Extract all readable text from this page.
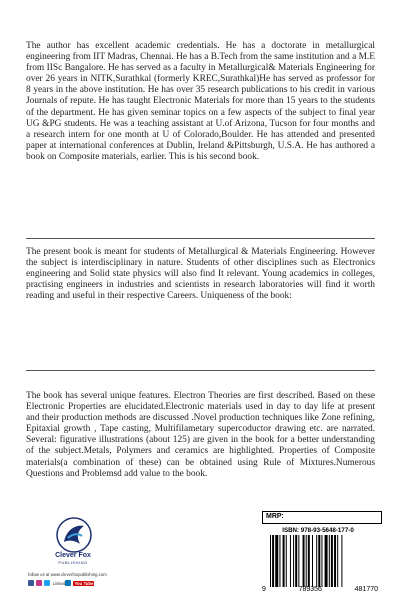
The author has excellent academic credentials. He has a doctorate in metallurgical engineering from IIT Madras, Chennai. He has a B.Tech from the same institution and a M.E from IISc Bangalore. He has served as a faculty in Metallurgical& Materials Engineering for over 26 years in NITK,Surathkal (formerly KREC,Surathkal)He has served as professor for 8 years in the above institution. He has over 35 research publications to his credit in various Journals of repute. He has taught Electronic Materials for more than 15 years to the students of the department. He has given seminar topics on a few aspects of the subject to final year UG &PG students. He was a teaching assistant at U.of Arizona, Tucson for four months and a research intern for one month at U of Colorado,Boulder. He has attended and presented paper at international conferences at Dublin, Ireland &Pittsburgh, U.S.A. He has authored a book on Composite materials, earlier. This is his second book.

The present book is meant for students of Metallurgical & Materials Engineering. However the subject is interdisciplinary in nature. Students of other disciplines such as Electronics engineering and Solid state physics will also find It relevant. Young academics in colleges, practising engineers in industries and scientists in research laboratories will find it worth reading and useful in their respective Careers. Uniqueness of the book:

The book has several unique features. Electron Theories are first described. Based on these Electronic Properties are elucidated.Electronic materials used in day to day life at present and their production methods are discussed .Novel production techniques like Zone refining, Epitaxial growth , Tape casting, Multifilametary supercoductor drawing etc. are narrated. Several: figurative illustrations (about 125) are given in the book for a better understanding of the subject.Metals, Polymers and ceramics are highlighted. Properties of Composite materials(a combination of these) can be obtained using Rule of Mixtures.Numerous Questions and Problemsd add value to the book.

Clever Fox
PUBLISHING
follow us at www.cleverfoxpublishing.com
Linked You Tube
MRP:
ISBN: 978-93-5648-177-0
9	789356	481770
